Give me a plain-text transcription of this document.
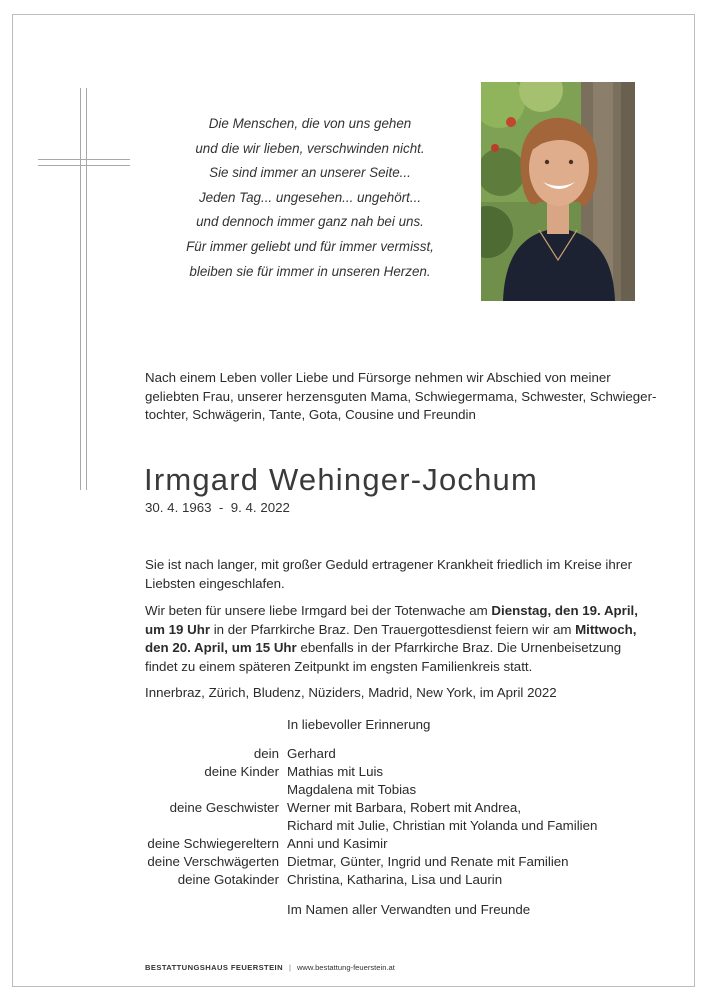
Die Menschen, die von uns gehen
und die wir lieben, verschwinden nicht.
Sie sind immer an unserer Seite...
Jeden Tag... ungesehen... ungehört...
und dennoch immer ganz nah bei uns.
Für immer geliebt und für immer vermisst,
bleiben sie für immer in unseren Herzen.
Nach einem Leben voller Liebe und Fürsorge nehmen wir Abschied von meiner
geliebten Frau, unserer herzensguten Mama, Schwiegermama, Schwester, Schwieger-
tochter, Schwägerin, Tante, Gota, Cousine und Freundin
Irmgard Wehinger-Jochum
30. 4. 1963  -  9. 4. 2022
Sie ist nach langer, mit großer Geduld ertragener Krankheit friedlich im Kreise ihrer
Liebsten eingeschlafen.
Wir beten für unsere liebe Irmgard bei der Totenwache am Dienstag, den 19. April,
um 19 Uhr in der Pfarrkirche Braz. Den Trauergottesdienst feiern wir am Mittwoch,
den 20. April, um 15 Uhr ebenfalls in der Pfarrkirche Braz. Die Urnenbeisetzung
findet zu einem späteren Zeitpunkt im engsten Familienkreis statt.
Innerbraz, Zürich, Bludenz, Nüziders, Madrid, New York, im April 2022
In liebevoller Erinnerung
dein Gerhard
deine Kinder Mathias mit Luis
Magdalena mit Tobias
deine Geschwister Werner mit Barbara, Robert mit Andrea,
Richard mit Julie, Christian mit Yolanda und Familien
deine Schwiegereltern Anni und Kasimir
deine Verschwägerten Dietmar, Günter, Ingrid und Renate mit Familien
deine Gotakinder Christina, Katharina, Lisa und Laurin
Im Namen aller Verwandten und Freunde
BESTATTUNGSHAUS FEUERSTEIN | www.bestattung-feuerstein.at
